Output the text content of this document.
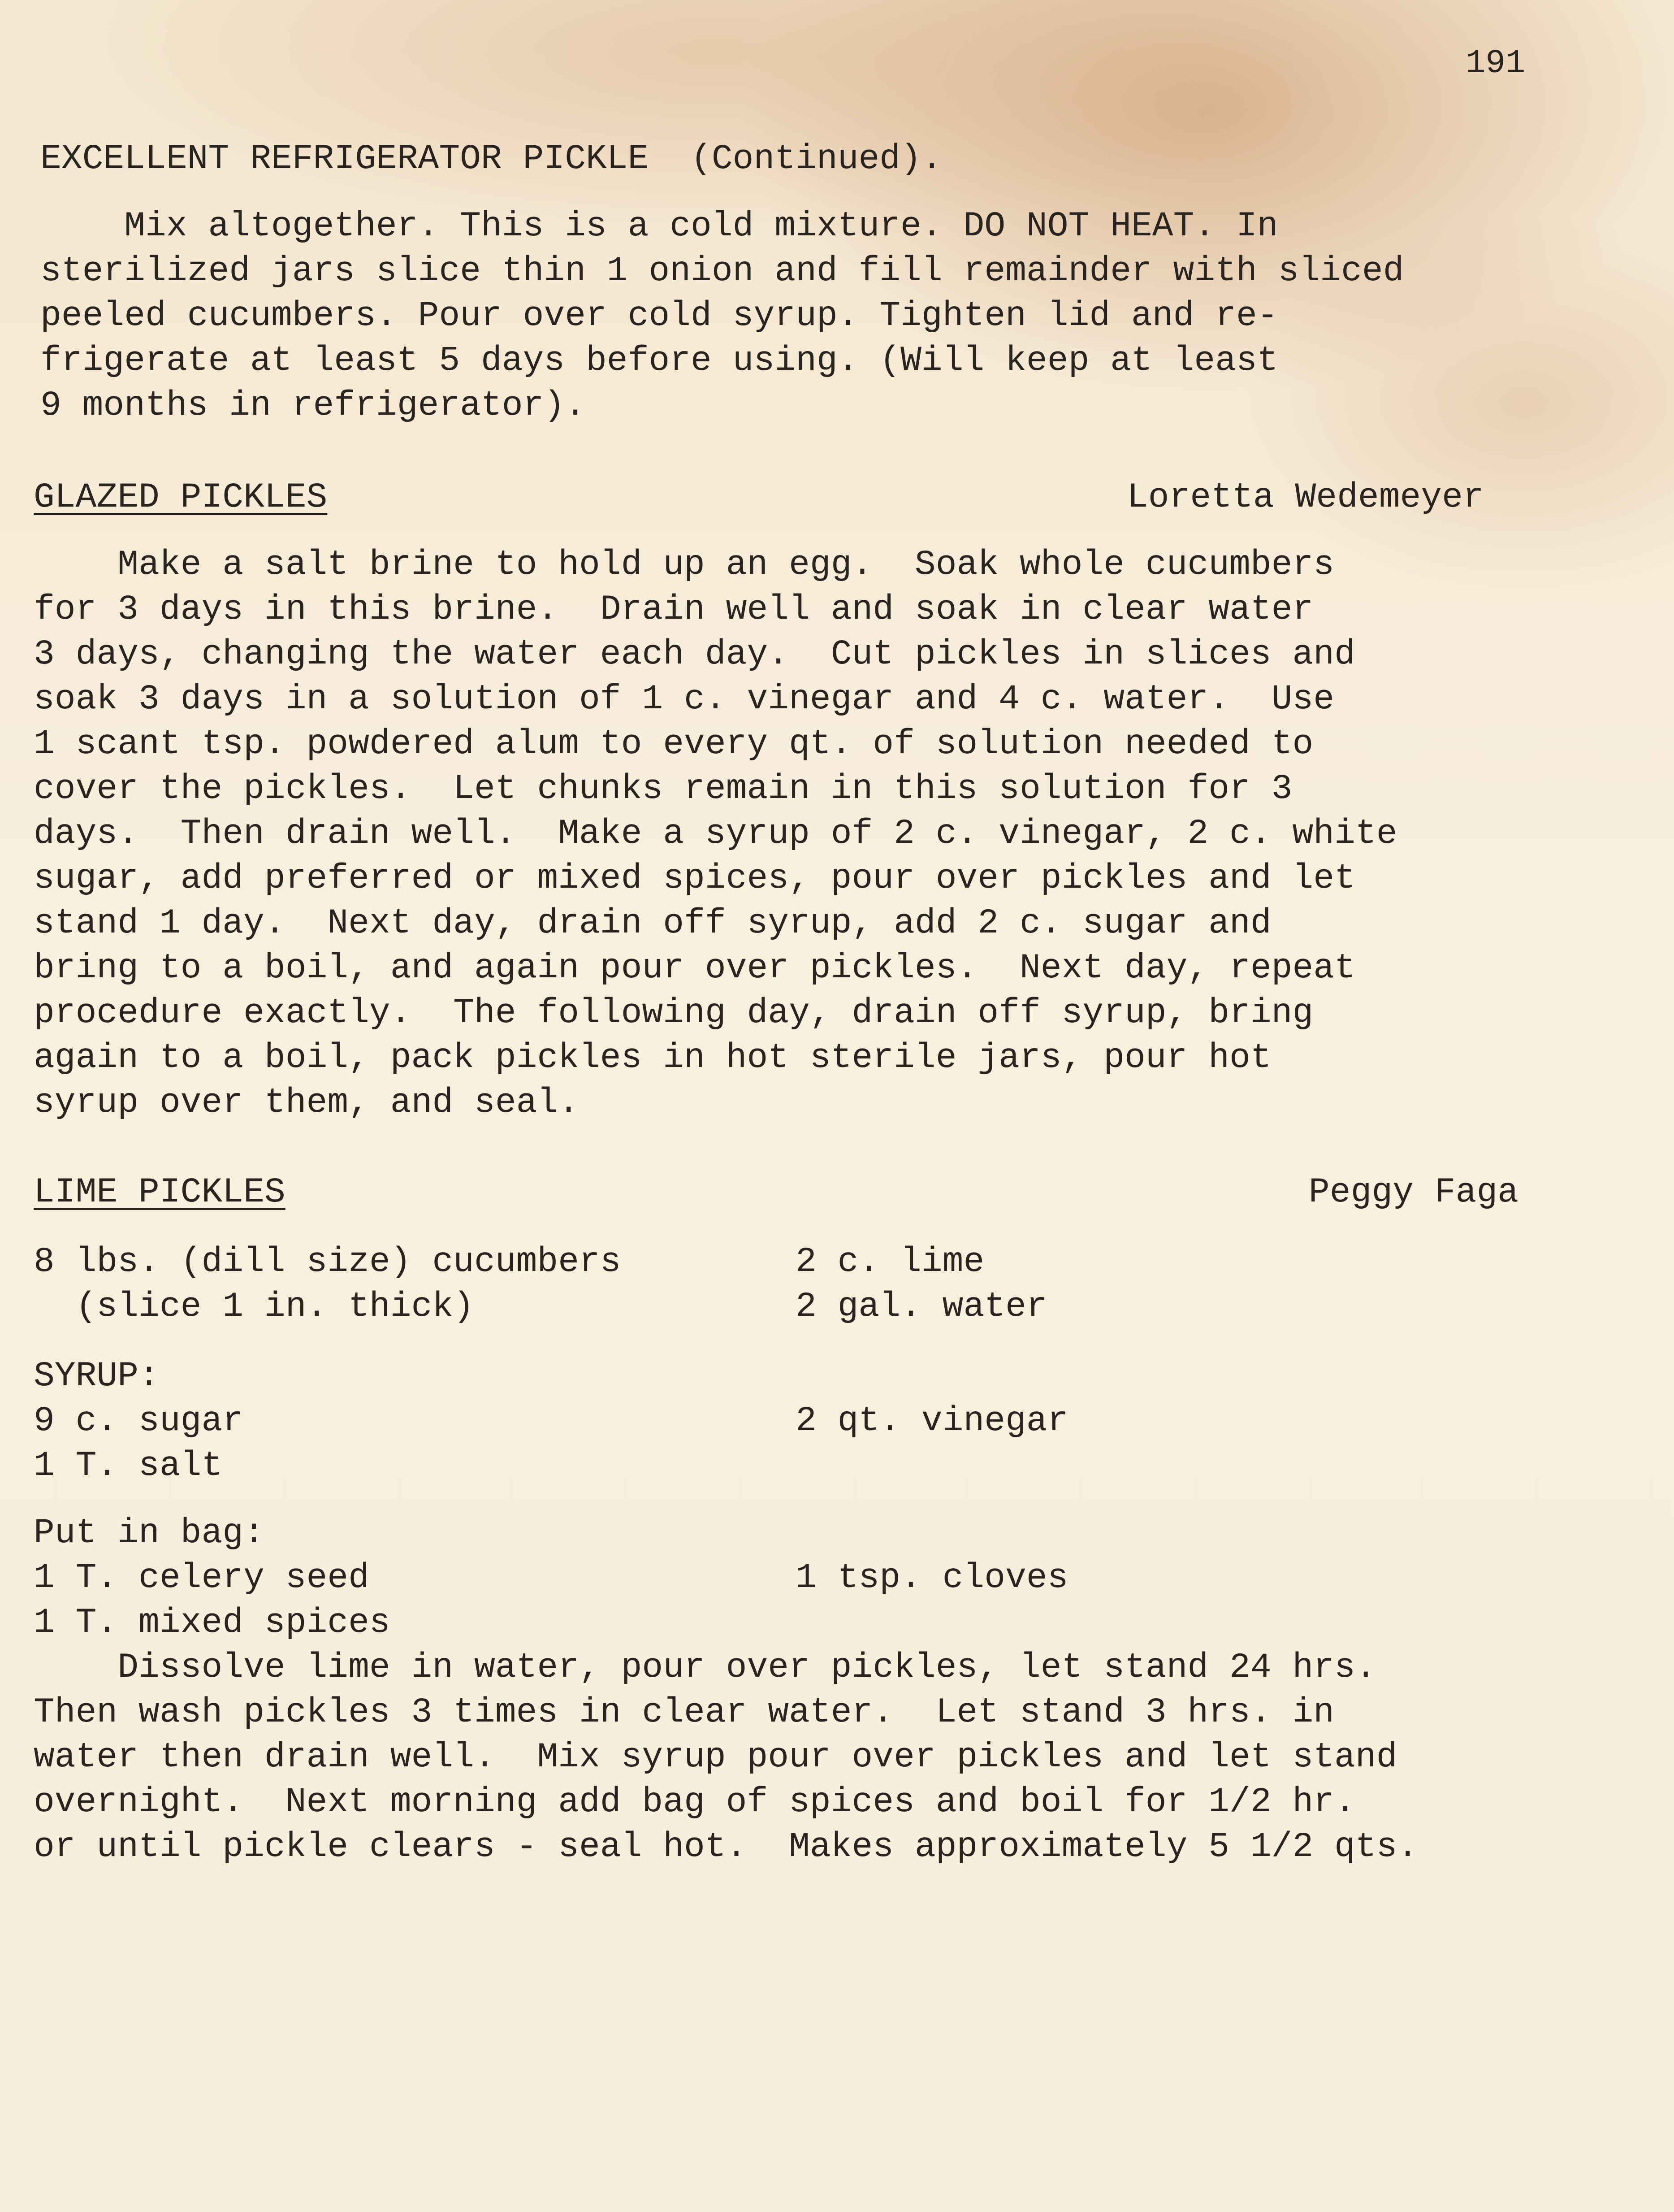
191
EXCELLENT REFRIGERATOR PICKLE  (Continued).
Mix altogether. This is a cold mixture. DO NOT HEAT. In
sterilized jars slice thin 1 onion and fill remainder with sliced
peeled cucumbers. Pour over cold syrup. Tighten lid and re-
frigerate at least 5 days before using. (Will keep at least
9 months in refrigerator).
GLAZED PICKLES	Loretta Wedemeyer
Make a salt brine to hold up an egg.  Soak whole cucumbers
for 3 days in this brine.  Drain well and soak in clear water
3 days, changing the water each day.  Cut pickles in slices and
soak 3 days in a solution of 1 c. vinegar and 4 c. water.  Use
1 scant tsp. powdered alum to every qt. of solution needed to
cover the pickles.  Let chunks remain in this solution for 3
days.  Then drain well.  Make a syrup of 2 c. vinegar, 2 c. white
sugar, add preferred or mixed spices, pour over pickles and let
stand 1 day.  Next day, drain off syrup, add 2 c. sugar and
bring to a boil, and again pour over pickles.  Next day, repeat
procedure exactly.  The following day, drain off syrup, bring
again to a boil, pack pickles in hot sterile jars, pour hot
syrup over them, and seal.
LIME PICKLES	Peggy Faga
8 lbs. (dill size) cucumbers	2 c. lime
(slice 1 in. thick)	2 gal. water
SYRUP:
9 c. sugar	2 qt. vinegar
1 T. salt
Put in bag:
1 T. celery seed	1 tsp. cloves
1 T. mixed spices
Dissolve lime in water, pour over pickles, let stand 24 hrs.
Then wash pickles 3 times in clear water.  Let stand 3 hrs. in
water then drain well.  Mix syrup pour over pickles and let stand
overnight.  Next morning add bag of spices and boil for 1/2 hr.
or until pickle clears - seal hot.  Makes approximately 5 1/2 qts.
